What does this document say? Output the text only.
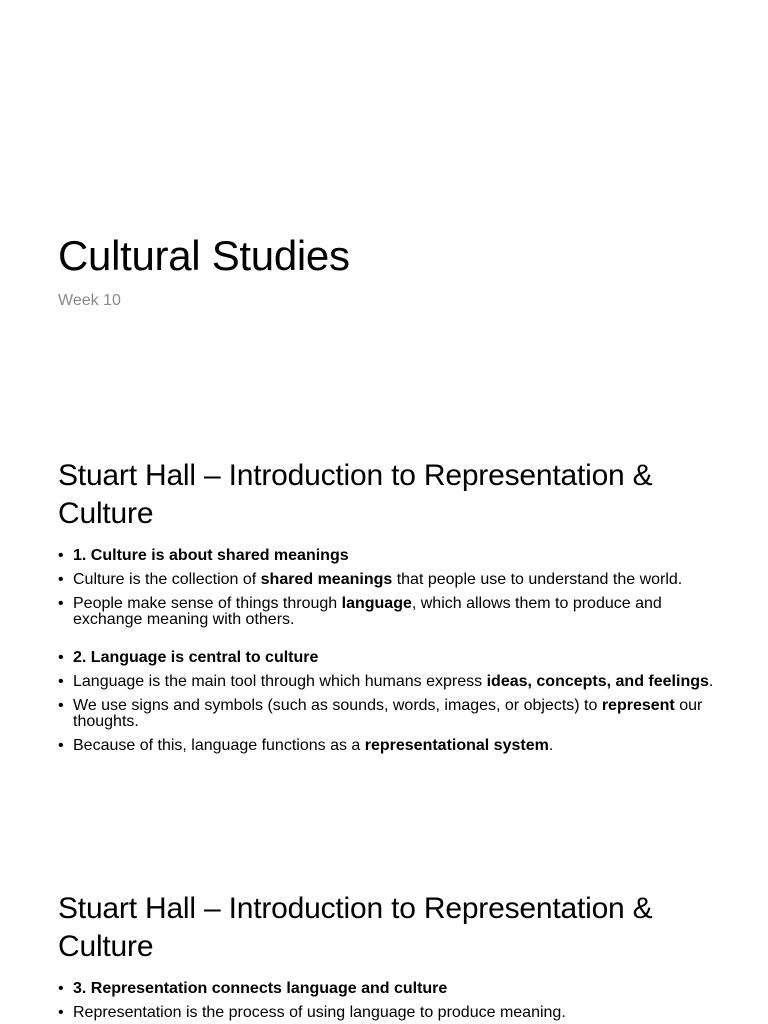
Cultural Studies
Week 10
Stuart Hall – Introduction to Representation &
Culture
• 1. Culture is about shared meanings
• Culture is the collection of shared meanings that people use to understand the world.
• People make sense of things through language, which allows them to produce and exchange meaning with others.
• 2. Language is central to culture
• Language is the main tool through which humans express ideas, concepts, and feelings.
• We use signs and symbols (such as sounds, words, images, or objects) to represent our thoughts.
• Because of this, language functions as a representational system.
Stuart Hall – Introduction to Representation &
Culture
• 3. Representation connects language and culture
• Representation is the process of using language to produce meaning.
